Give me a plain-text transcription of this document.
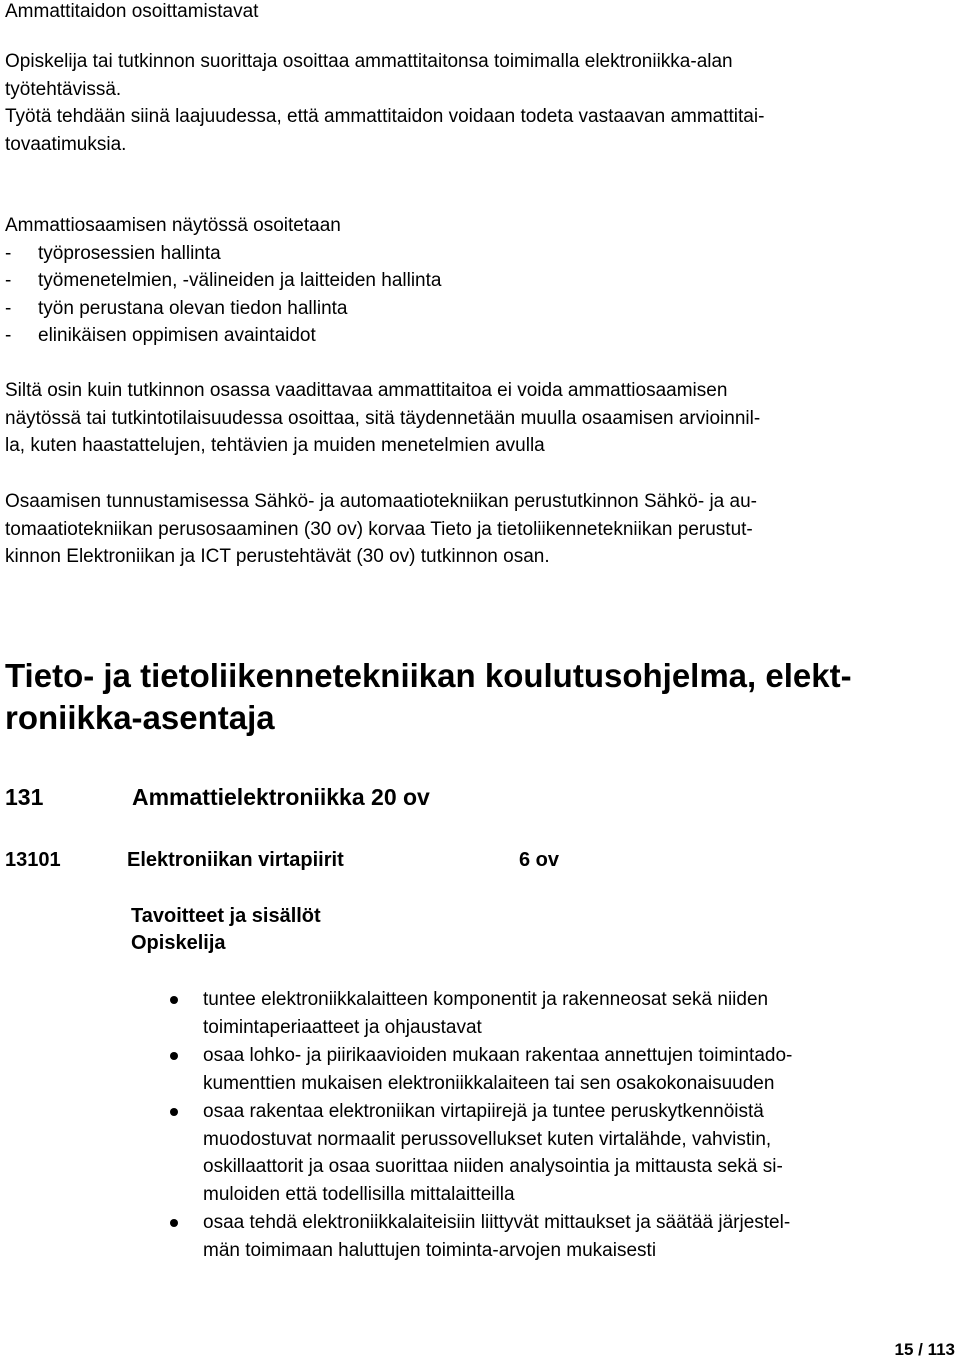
Ammattitaidon osoittamistavat
Opiskelija tai tutkinnon suorittaja osoittaa ammattitaitonsa toimimalla elektroniikka-alan
työtehtävissä.
Työtä tehdään siinä laajuudessa, että ammattitaidon voidaan todeta vastaavan ammattitai-
tovaatimuksia.
Ammattiosaamisen näytössä osoitetaan
-	työprosessien hallinta
-	työmenetelmien, -välineiden ja laitteiden hallinta
-	työn perustana olevan tiedon hallinta
-	elinikäisen oppimisen avaintaidot
Siltä osin kuin tutkinnon osassa vaadittavaa ammattitaitoa ei voida ammattiosaamisen
näytössä tai tutkintotilaisuudessa osoittaa, sitä täydennetään muulla osaamisen arvioinnil-
la, kuten haastattelujen, tehtävien ja muiden menetelmien avulla
Osaamisen tunnustamisessa Sähkö- ja automaatiotekniikan perustutkinnon Sähkö- ja au-
tomaatiotekniikan perusosaaminen (30 ov) korvaa Tieto ja tietoliikennetekniikan perustut-
kinnon Elektroniikan ja ICT perustehtävät (30 ov) tutkinnon osan.
Tieto- ja tietoliikennetekniikan koulutusohjelma, elekt-
roniikka-asentaja
131	Ammattielektroniikka 20 ov
13101	Elektroniikan virtapiirit	6 ov
Tavoitteet ja sisällöt
Opiskelija
tuntee elektroniikkalaitteen komponentit ja rakenneosat sekä niiden
toimintaperiaatteet ja ohjaustavat
osaa lohko- ja piirikaavioiden mukaan rakentaa annettujen toimintado-
kumenttien mukaisen elektroniikkalaiteen tai sen osakokonaisuuden
osaa rakentaa elektroniikan virtapiirejä ja tuntee peruskytkennöistä
muodostuvat normaalit perussovellukset kuten virtalähde, vahvistin,
oskillaattorit ja osaa suorittaa niiden analysointia ja mittausta sekä si-
muloiden että todellisilla mittalaitteilla
osaa tehdä elektroniikkalaiteisiin liittyvät mittaukset ja säätää järjestel-
män toimimaan haluttujen toiminta-arvojen mukaisesti
15 / 113
